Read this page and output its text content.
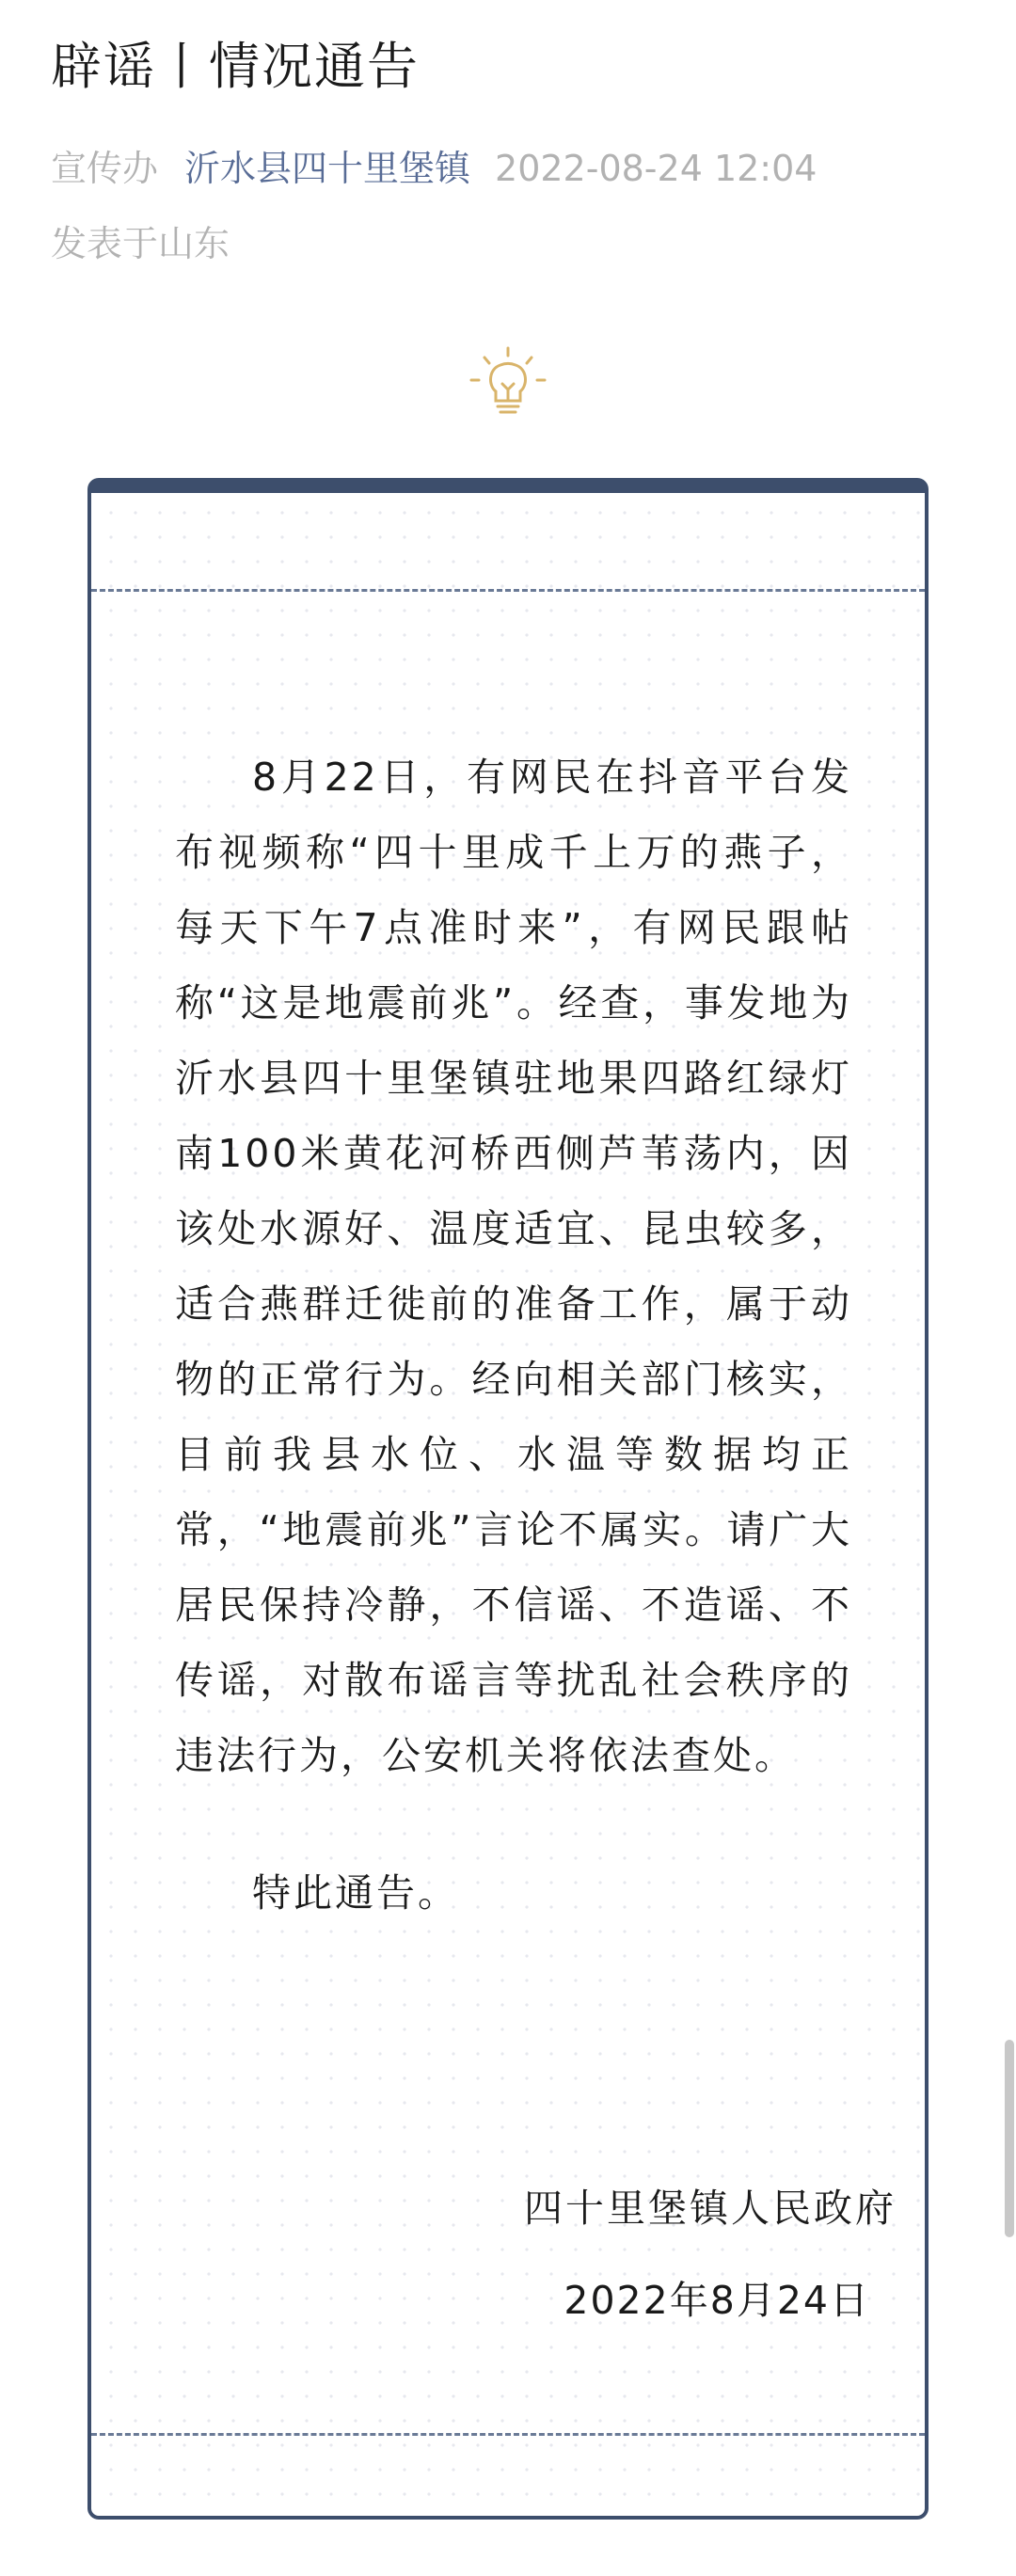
辟谣丨情况通告
宣传办 沂水县四十里堡镇 2022-08-24 12:04
发表于山东

8月22日，有网民在抖音平台发布视频称“四十里成千上万的燕子，每天下午7点准时来”，有网民跟帖称“这是地震前兆”。经查，事发地为沂水县四十里堡镇驻地果四路红绿灯南100米黄花河桥西侧芦苇荡内，因该处水源好、温度适宜、昆虫较多，适合燕群迁徙前的准备工作，属于动物的正常行为。经向相关部门核实，目前我县水位、水温等数据均正常，“地震前兆”言论不属实。请广大居民保持冷静，不信谣、不造谣、不传谣，对散布谣言等扰乱社会秩序的违法行为，公安机关将依法查处。

特此通告。

四十里堡镇人民政府
2022年8月24日
